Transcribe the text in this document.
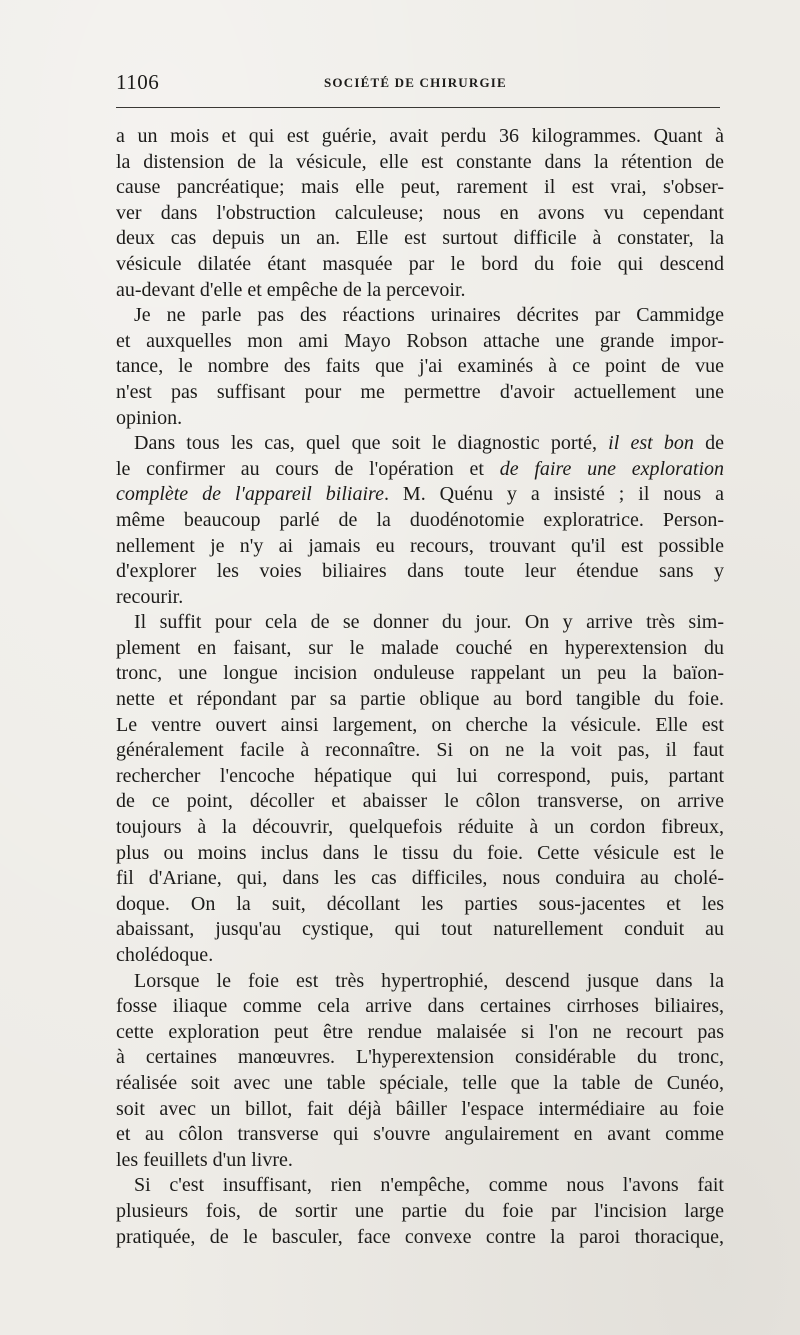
1106	SOCIÉTÉ DE CHIRURGIE
a un mois et qui est guérie, avait perdu 36 kilogrammes. Quant à
la distension de la vésicule, elle est constante dans la rétention de
cause pancréatique; mais elle peut, rarement il est vrai, s'obser-
ver dans l'obstruction calculeuse; nous en avons vu cependant
deux cas depuis un an. Elle est surtout difficile à constater, la
vésicule dilatée étant masquée par le bord du foie qui descend
au-devant d'elle et empêche de la percevoir.
Je ne parle pas des réactions urinaires décrites par Cammidge
et auxquelles mon ami Mayo Robson attache une grande impor-
tance, le nombre des faits que j'ai examinés à ce point de vue
n'est pas suffisant pour me permettre d'avoir actuellement une
opinion.
Dans tous les cas, quel que soit le diagnostic porté, il est bon de
le confirmer au cours de l'opération et de faire une exploration
complète de l'appareil biliaire. M. Quénu y a insisté ; il nous a
même beaucoup parlé de la duodénotomie exploratrice. Person-
nellement je n'y ai jamais eu recours, trouvant qu'il est possible
d'explorer les voies biliaires dans toute leur étendue sans y
recourir.
Il suffit pour cela de se donner du jour. On y arrive très sim-
plement en faisant, sur le malade couché en hyperextension du
tronc, une longue incision onduleuse rappelant un peu la baïon-
nette et répondant par sa partie oblique au bord tangible du foie.
Le ventre ouvert ainsi largement, on cherche la vésicule. Elle est
généralement facile à reconnaître. Si on ne la voit pas, il faut
rechercher l'encoche hépatique qui lui correspond, puis, partant
de ce point, décoller et abaisser le côlon transverse, on arrive
toujours à la découvrir, quelquefois réduite à un cordon fibreux,
plus ou moins inclus dans le tissu du foie. Cette vésicule est le
fil d'Ariane, qui, dans les cas difficiles, nous conduira au cholé-
doque. On la suit, décollant les parties sous-jacentes et les
abaissant, jusqu'au cystique, qui tout naturellement conduit au
cholédoque.
Lorsque le foie est très hypertrophié, descend jusque dans la
fosse iliaque comme cela arrive dans certaines cirrhoses biliaires,
cette exploration peut être rendue malaisée si l'on ne recourt pas
à certaines manœuvres. L'hyperextension considérable du tronc,
réalisée soit avec une table spéciale, telle que la table de Cunéo,
soit avec un billot, fait déjà bâiller l'espace intermédiaire au foie
et au côlon transverse qui s'ouvre angulairement en avant comme
les feuillets d'un livre.
Si c'est insuffisant, rien n'empêche, comme nous l'avons fait
plusieurs fois, de sortir une partie du foie par l'incision large
pratiquée, de le basculer, face convexe contre la paroi thoracique,
